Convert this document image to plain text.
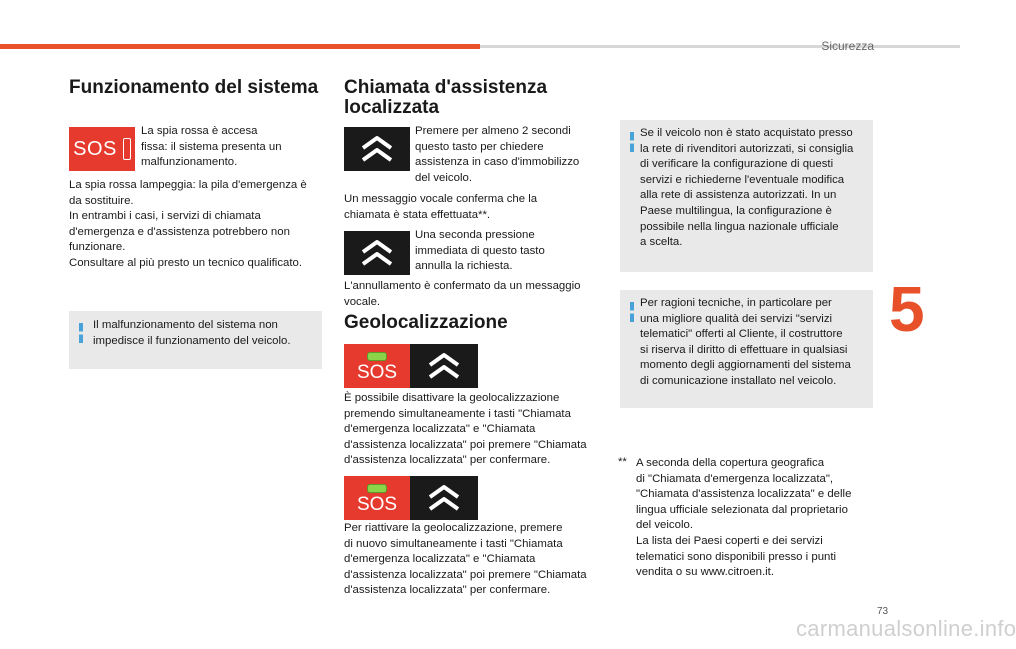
Sicurezza
5
Funzionamento del sistema
SOS
La spia rossa è accesa
fissa: il sistema presenta un
malfunzionamento.
La spia rossa lampeggia: la pila d'emergenza è
da sostituire.
In entrambi i casi, i servizi di chiamata
d'emergenza e d'assistenza potrebbero non
funzionare.
Consultare al più presto un tecnico qualificato.
Il malfunzionamento del sistema non
impedisce il funzionamento del veicolo.
Chiamata d'assistenza
localizzata
Premere per almeno 2 secondi
questo tasto per chiedere
assistenza in caso d'immobilizzo
del veicolo.
Un messaggio vocale conferma che la
chiamata è stata effettuata**.
Una seconda pressione
immediata di questo tasto
annulla la richiesta.
L'annullamento è confermato da un messaggio
vocale.
Geolocalizzazione
SOS
È possibile disattivare la geolocalizzazione
premendo simultaneamente i tasti "Chiamata
d'emergenza localizzata" e "Chiamata
d'assistenza localizzata" poi premere "Chiamata
d'assistenza localizzata" per confermare.
SOS
Per riattivare la geolocalizzazione, premere
di nuovo simultaneamente i tasti "Chiamata
d'emergenza localizzata" e "Chiamata
d'assistenza localizzata" poi premere "Chiamata
d'assistenza localizzata" per confermare.
Se il veicolo non è stato acquistato presso
la rete di rivenditori autorizzati, si consiglia
di verificare la configurazione di questi
servizi e richiederne l'eventuale modifica
alla rete di assistenza autorizzati. In un
Paese multilingua, la configurazione è
possibile nella lingua nazionale ufficiale
a scelta.
Per ragioni tecniche, in particolare per
una migliore qualità dei servizi "servizi
telematici" offerti al Cliente, il costruttore
si riserva il diritto di effettuare in qualsiasi
momento degli aggiornamenti del sistema
di comunicazione installato nel veicolo.
** A seconda della copertura geografica
di "Chiamata d'emergenza localizzata",
"Chiamata d'assistenza localizzata" e delle
lingua ufficiale selezionata dal proprietario
del veicolo.
La lista dei Paesi coperti e dei servizi
telematici sono disponibili presso i punti
vendita o su www.citroen.it.
73
carmanualsonline.info
